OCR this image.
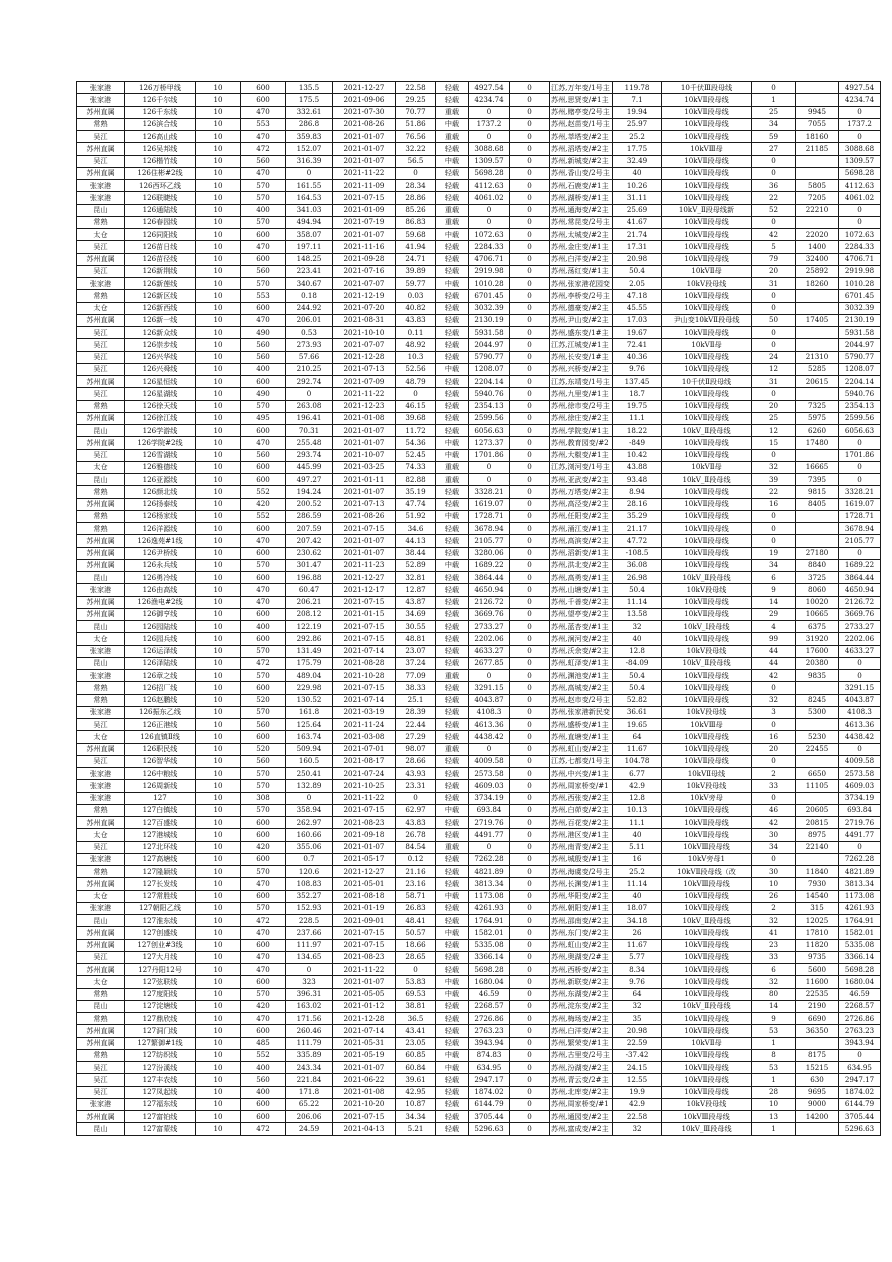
张家港	126万桥甲线	10	600	135.5	2021-12-27	22.58	轻载	4927.54	0	江苏,万年变/1号主	119.78	10千伏Ⅲ段母线	0		4927.54
张家港	126千尔线	10	600	175.5	2021-09-06	29.25	轻载	4234.74	0	苏州,思贤变/#1主	7.1	10kVⅡ段母线	1		4234.74
苏州直属	126千东线	10	470	332.61	2021-07-30	70.77	重载	0	0	苏州,赌亭变/2号主	19.94	10kVⅡ段母线	25	9945	0
常熟	126滨合线	10	553	286.8	2021-08-26	51.86	中载	1737.2	0	苏州,赵苗变/1号主	25.97	10kVⅡ段母线	34	7055	1737.2
吴江	126高山线	10	470	359.83	2021-01-07	76.56	重载	0	0	苏州,莘塔变/#2主	25.2	10kVⅡ段母线	59	18160	0
苏州直属	126吴邦线	10	472	152.07	2021-01-07	32.22	轻载	3088.68	0	苏州,滔塔变/#2主	17.75	10kVⅢ母	27	21185	3088.68
吴江	126楷竹线	10	560	316.39	2021-01-07	56.5	中载	1309.57	0	苏州,新城变/#2主	32.49	10kVⅡ段母线	0		1309.57
苏州直属	126住彬#2线	10	470	0	2021-11-22	0	轻载	5698.28	0	苏州,香山变/2号主	40	10kVⅡ段母线	0		5698.28
张家港	126西环乙线	10	570	161.55	2021-11-09	28.34	轻载	4112.63	0	苏州,石鹿变/#1主	10.26	10kVⅡ段母线	36	5805	4112.63
张家港	126联睫线	10	570	164.53	2021-07-15	28.86	轻载	4061.02	0	苏州,湖桥变/#1主	31.11	10kVⅡ段母线	22	7205	4061.02
昆山	126通陆线	10	400	341.03	2021-01-09	85.26	重载	0	0	苏州,通海变/#2主	25.69	10kV_Ⅱ段母线新	52	22210	0
常熟	126春园线	10	570	494.94	2021-07-19	86.83	重载	0	0	苏州,常昆变/2号主	41.67	10kVⅡ段母线	0		0
太仓	126同阳线	10	600	358.07	2021-01-07	59.68	中载	1072.63	0	苏州,太城变/#2主	21.74	10kVⅡ段母线	42	22020	1072.63
吴江	126苗日线	10	470	197.11	2021-11-16	41.94	轻载	2284.33	0	苏州,金庄变/#1主	17.31	10kVⅡ段母线	5	1400	2284.33
苏州直属	126苗径线	10	600	148.25	2021-09-28	24.71	轻载	4706.71	0	苏州,白洋变/#2主	20.98	10kVⅡ段母线	79	32400	4706.71
吴江	126新荆线	10	560	223.41	2021-07-16	39.89	轻载	2919.98	0	苏州,荡红变/#1主	50.4	10kVⅡ母	20	25892	2919.98
张家港	126新莲线	10	570	340.67	2021-07-07	59.77	中载	1010.28	0	苏州,张家港花园变	2.05	10kV段母线	31	18260	1010.28
常熟	126新区线	10	553	0.18	2021-12-19	0.03	轻载	6701.45	0	苏州,李桥变/2号主	47.18	10kVⅡ段母线	0		6701.45
太仓	126新西线	10	600	244.92	2021-07-20	40.82	轻载	3032.39	0	苏州,德豪变/#2主	45.55	10kVⅡ段母线	0		3032.39
苏州直属	126新一线	10	470	206.01	2021-08-31	43.83	轻载	2130.19	0	苏州,尹山变/#2主	17.03	尹山变10kVⅡ段母线	50	17405	2130.19
吴江	126新众线	10	490	0.53	2021-10-10	0.11	轻载	5931.58	0	苏州,盛东变/1#主	19.67	10kVⅡ段母线	0		5931.58
吴江	126崇步线	10	560	273.93	2021-07-07	48.92	轻载	2044.97	0	江苏,江城变/#1主	72.41	10kVⅡ母	0		2044.97
吴江	126兴华线	10	560	57.66	2021-12-28	10.3	轻载	5790.77	0	苏州,长安变/1#主	40.36	10kVⅡ段母线	24	21310	5790.77
吴江	126兴舜线	10	400	210.25	2021-07-13	52.56	中载	1208.07	0	苏州,兴桥变/#2主	9.76	10kVⅡ段母线	12	5285	1208.07
苏州直属	126星恒线	10	600	292.74	2021-07-09	48.79	轻载	2204.14	0	江苏,东靖变/1号主	137.45	10千伏Ⅱ段母线	31	20615	2204.14
吴江	126星湖线	10	490	0	2021-11-22	0	轻载	5940.76	0	苏州,九里变/#1主	18.7	10kVⅡ段母线	0		5940.76
常熟	126徐天线	10	570	263.08	2021-12-23	46.15	轻载	2354.13	0	苏州,徐市变/2号主	19.75	10kVⅡ段母线	20	7325	2354.13
苏州直属	126徐江线	10	495	196.41	2021-01-08	39.68	轻载	2599.56	0	苏州,徐庄变/#2主	11.1	10kVⅡ段母线	25	5975	2599.56
昆山	126学游线	10	600	70.31	2021-01-07	11.72	轻载	6056.63	0	苏州,学院变/#1主	18.22	10kV_Ⅱ段母线	12	6260	6056.63
苏州直属	126学院#2线	10	470	255.48	2021-01-07	54.36	中载	1273.37	0	苏州,教育园变/#2	-849	10kVⅡ段母线	15	17480	0
吴江	126雪湖线	10	560	293.74	2021-10-07	52.45	中载	1701.86	0	苏州,大椒变/#1主	10.42	10kVⅡ段母线	0		1701.86
太仓	126雅德线	10	600	445.99	2021-03-25	74.33	重载	0	0	江苏,浏河变/1号主	43.88	10kVⅡ母	32	16665	0
昆山	126亚源线	10	600	497.27	2021-01-11	82.88	重载	0	0	苏州,亚武变/#2主	93.48	10kV_Ⅱ段母线	39	7395	0
常熟	126颜北线	10	552	194.24	2021-01-07	35.19	轻载	3328.21	0	苏州,万塔变/#2主	8.94	10kVⅡ段母线	22	9815	3328.21
苏州直属	126扬泰线	10	420	200.52	2021-07-13	47.74	轻载	1619.07	0	苏州,高泾变/#2主	28.16	10kVⅡ段母线	16	8405	1619.07
常熟	126杨家线	10	552	286.59	2021-08-26	51.92	中载	1728.71	0	苏州,任阳变/#2主	35.29	10kVⅡ段母线	0		1728.71
常熟	126洋源线	10	600	207.59	2021-07-15	34.6	轻载	3678.94	0	苏州,涌江变/#1主	21.17	10kVⅡ段母线	0		3678.94
苏州直属	126逸苑#1线	10	470	207.42	2021-01-07	44.13	轻载	2105.77	0	苏州,高滨变/#2主	47.72	10kVⅡ段母线	0		2105.77
苏州直属	126尹桥线	10	600	230.62	2021-01-07	38.44	轻载	3280.06	0	苏州,滔新变/#1主	-108.5	10kVⅡ段母线	19	27180	0
苏州直属	126永兵线	10	570	301.47	2021-11-23	52.89	中载	1689.22	0	苏州,洪北变/#2主	36.08	10kVⅡ段母线	34	8840	1689.22
昆山	126勇冷线	10	600	196.88	2021-12-27	32.81	轻载	3864.44	0	苏州,高勇变/#1主	26.98	10kV_Ⅱ段母线	6	3725	3864.44
张家港	126由高线	10	470	60.47	2021-12-17	12.87	轻载	4650.94	0	苏州,山塘变/#1主	50.4	10kV段母线	9	8060	4650.94
苏州直属	126渔电#2线	10	470	206.21	2021-07-15	43.87	轻载	2126.72	0	苏州,千善变/#2主	11.14	10kVⅡ段母线	14	10020	2126.72
苏州直属	126御亨线	10	600	208.12	2021-01-15	34.69	轻载	3669.76	0	苏州,望亭变/#2主	13.58	10kVⅡ段母线	29	10665	3669.76
昆山	126园陆线	10	400	122.19	2021-07-15	30.55	轻载	2733.27	0	苏州,蓝杏变/#1主	32	10kV_Ⅰ段母线	4	6375	2733.27
太仓	126园兵线	10	600	292.86	2021-07-15	48.81	轻载	2202.06	0	苏州,涧河变/#2主	40	10kVⅡ段母线	99	31920	2202.06
张家港	126运泽线	10	570	131.49	2021-07-14	23.07	轻载	4633.27	0	苏州,沃余变/#2主	12.8	10kV段母线	44	17600	4633.27
昆山	126泽陆线	10	472	175.79	2021-08-28	37.24	轻载	2677.85	0	苏州,虹泽变/#1主	-84.09	10kV_Ⅱ段母线	44	20380	0
张家港	126章之线	10	570	489.04	2021-10-28	77.09	重载	0	0	苏州,渊池变/#1主	50.4	10kVⅡ段母线	42	9835	0
常熟	126招厂线	10	600	229.98	2021-07-15	38.33	轻载	3291.15	0	苏州,高城变/#2主	50.4	10kVⅡ段母线	0		3291.15
常熟	126赵鹏线	10	520	130.52	2021-07-14	25.1	轻载	4043.87	0	苏州,赵市变/2号主	52.82	10kVⅡ段母线	32	8245	4043.87
张家港	126振东乙线	10	570	161.8	2021-03-19	28.39	轻载	4108.3	0	苏州,张家港新民变	36.61	10kV段母线	3	5300	4108.3
吴江	126正港线	10	560	125.64	2021-11-24	22.44	轻载	4613.36	0	苏州,盛桥变/#1主	19.65	10kVⅢ母	0		4613.36
太仓	126直镇Ⅱ线	10	600	163.74	2021-03-08	27.29	轻载	4438.42	0	苏州,直塘变/#1主	64	10kVⅡ段母线	16	5230	4438.42
苏州直属	126职民线	10	520	509.94	2021-07-01	98.07	重载	0	0	苏州,虹山变/#2主	11.67	10kVⅡ段母线	20	22455	0
吴江	126智华线	10	560	160.5	2021-08-17	28.66	轻载	4009.58	0	江苏,七都变/1号主	104.78	10kVⅡ段母线	0		4009.58
张家港	126中粮线	10	570	250.41	2021-07-24	43.93	轻载	2573.58	0	苏州,中兴变/#1主	6.77	10kVⅡ母线	2	6650	2573.58
张家港	126周新线	10	570	132.89	2021-10-25	23.31	轻载	4609.03	0	苏州,周家桥变/#1	42.9	10kV段母线	33	11105	4609.03
张家港	127	10	308	0	2021-11-22	0	轻载	3734.19	0	苏州,西张变/#2主	12.8	10kV旁母	0		3734.19
常熟	127白镇线	10	570	358.94	2021-07-15	62.97	中载	693.84	0	苏州,白茆变/#2主	10.13	10kVⅡ段母线	46	20605	693.84
苏州直属	127百盛线	10	600	262.97	2021-08-23	43.83	轻载	2719.76	0	苏州,百花变/#2主	11.1	10kVⅡ段母线	42	20815	2719.76
太仓	127港城线	10	600	160.66	2021-09-18	26.78	轻载	4491.77	0	苏州,港区变/#1主	40	10kVⅡ段母线	30	8975	4491.77
吴江	127北环线	10	420	355.06	2021-01-07	84.54	重载	0	0	苏州,南青变/#2主	5.11	10kVⅢ段母线	34	22140	0
张家港	127高塘线	10	600	0.7	2021-05-17	0.12	轻载	7262.28	0	苏州,城殷变/#1主	16	10kV旁母1	0		7262.28
常熟	127隆颖线	10	570	120.6	2021-12-27	21.16	轻载	4821.89	0	苏州,海虞变/2号主	25.2	10kVⅡ段母线（改	30	11840	4821.89
苏州直属	127长发线	10	470	108.83	2021-05-01	23.16	轻载	3813.34	0	苏州,长渊变/#1主	11.14	10kVⅢ段母线	10	7930	3813.34
太仓	127常胜线	10	600	352.27	2021-08-18	58.71	中载	1173.08	0	苏州,华阳变/#2主	40	10kVⅡ段母线	26	14540	1173.08
张家港	127朝阳乙线	10	570	152.93	2021-01-19	26.83	轻载	4261.93	0	苏州,朝阳变/#1主	18.07	10kVⅡ段母线	2	315	4261.93
昆山	127淮东线	10	472	228.5	2021-09-01	48.41	轻载	1764.91	0	苏州,邵南变/#2主	34.18	10kV_Ⅱ段母线	32	12025	1764.91
苏州直属	127创盛线	10	470	237.66	2021-07-15	50.57	中载	1582.01	0	苏州,东门变/#2主	26	10kVⅡ段母线	41	17810	1582.01
苏州直属	127创业#3线	10	600	111.97	2021-07-15	18.66	轻载	5335.08	0	苏州,虹山变/#2主	11.67	10kVⅡ段母线	23	11820	5335.08
吴江	127大月线	10	470	134.65	2021-08-23	28.65	轻载	3366.14	0	苏州,奥湖变/2#主	5.77	10kVⅡ段母线	33	9735	3366.14
苏州直属	127丹阳12号	10	470	0	2021-11-22	0	轻载	5698.28	0	苏州,西桥变/#2主	8.34	10kVⅡ段母线	6	5600	5698.28
太仓	127弦联线	10	600	323	2021-01-07	53.83	中载	1680.04	0	苏州,新联变/#2主	9.76	10kVⅡ段母线	32	11600	1680.04
常熟	127度阳线	10	570	396.31	2021-05-05	69.53	中载	46.59	0	苏州,东湖变/#2主	64	10kVⅡ段母线	80	22535	46.59
昆山	127淀塘线	10	420	163.02	2021-01-12	38.81	轻载	2268.57	0	苏州,淀东变/#2主	32	10kV_Ⅱ段母线	14	2190	2268.57
常熟	127鼎欣线	10	470	171.56	2021-12-28	36.5	轻载	2726.86	0	苏州,梅场变/#2主	35	10kVⅡ段母线	9	6690	2726.86
苏州直属	127洞门线	10	600	260.46	2021-07-14	43.41	轻载	2763.23	0	苏州,白洋变/#2主	20.98	10kVⅡ段母线	53	36350	2763.23
苏州直属	127繁御#1线	10	485	111.79	2021-05-31	23.05	轻载	3943.94	0	苏州,繁荣变/#1主	22.59	10kVⅡ母	1		3943.94
常熟	127纺织线	10	552	335.89	2021-05-19	60.85	中载	874.83	0	苏州,古里变/2号主	-37.42	10kVⅡ段母线	8	8175	0
吴江	127汾溪线	10	400	243.34	2021-01-07	60.84	中载	634.95	0	苏州,汾湖变/#2主	24.15	10kVⅡ段母线	53	15215	634.95
吴江	127丰农线	10	560	221.84	2021-06-22	39.61	轻载	2947.17	0	苏州,青云变/2#主	12.55	10kVⅡ段母线	1	630	2947.17
吴江	127凤起线	10	400	171.8	2021-01-08	42.95	轻载	1874.02	0	苏州,北库变/#2主	19.9	10kVⅡ段母线	28	9695	1874.02
张家港	127福东线	10	600	65.22	2021-10-20	10.87	轻载	6144.79	0	苏州,周家桥变/#1	42.9	10kV段母线	10	9000	6144.79
苏州直属	127富铂线	10	600	206.06	2021-07-15	34.34	轻载	3705.44	0	苏州,通园变/#2主	22.58	10kVⅢ段母线	13	14200	3705.44
昆山	127富蒙线	10	472	24.59	2021-04-13	5.21	轻载	5296.63	0	苏州,富成变/#2主	32	10kV_Ⅲ段母线	1		5296.63
